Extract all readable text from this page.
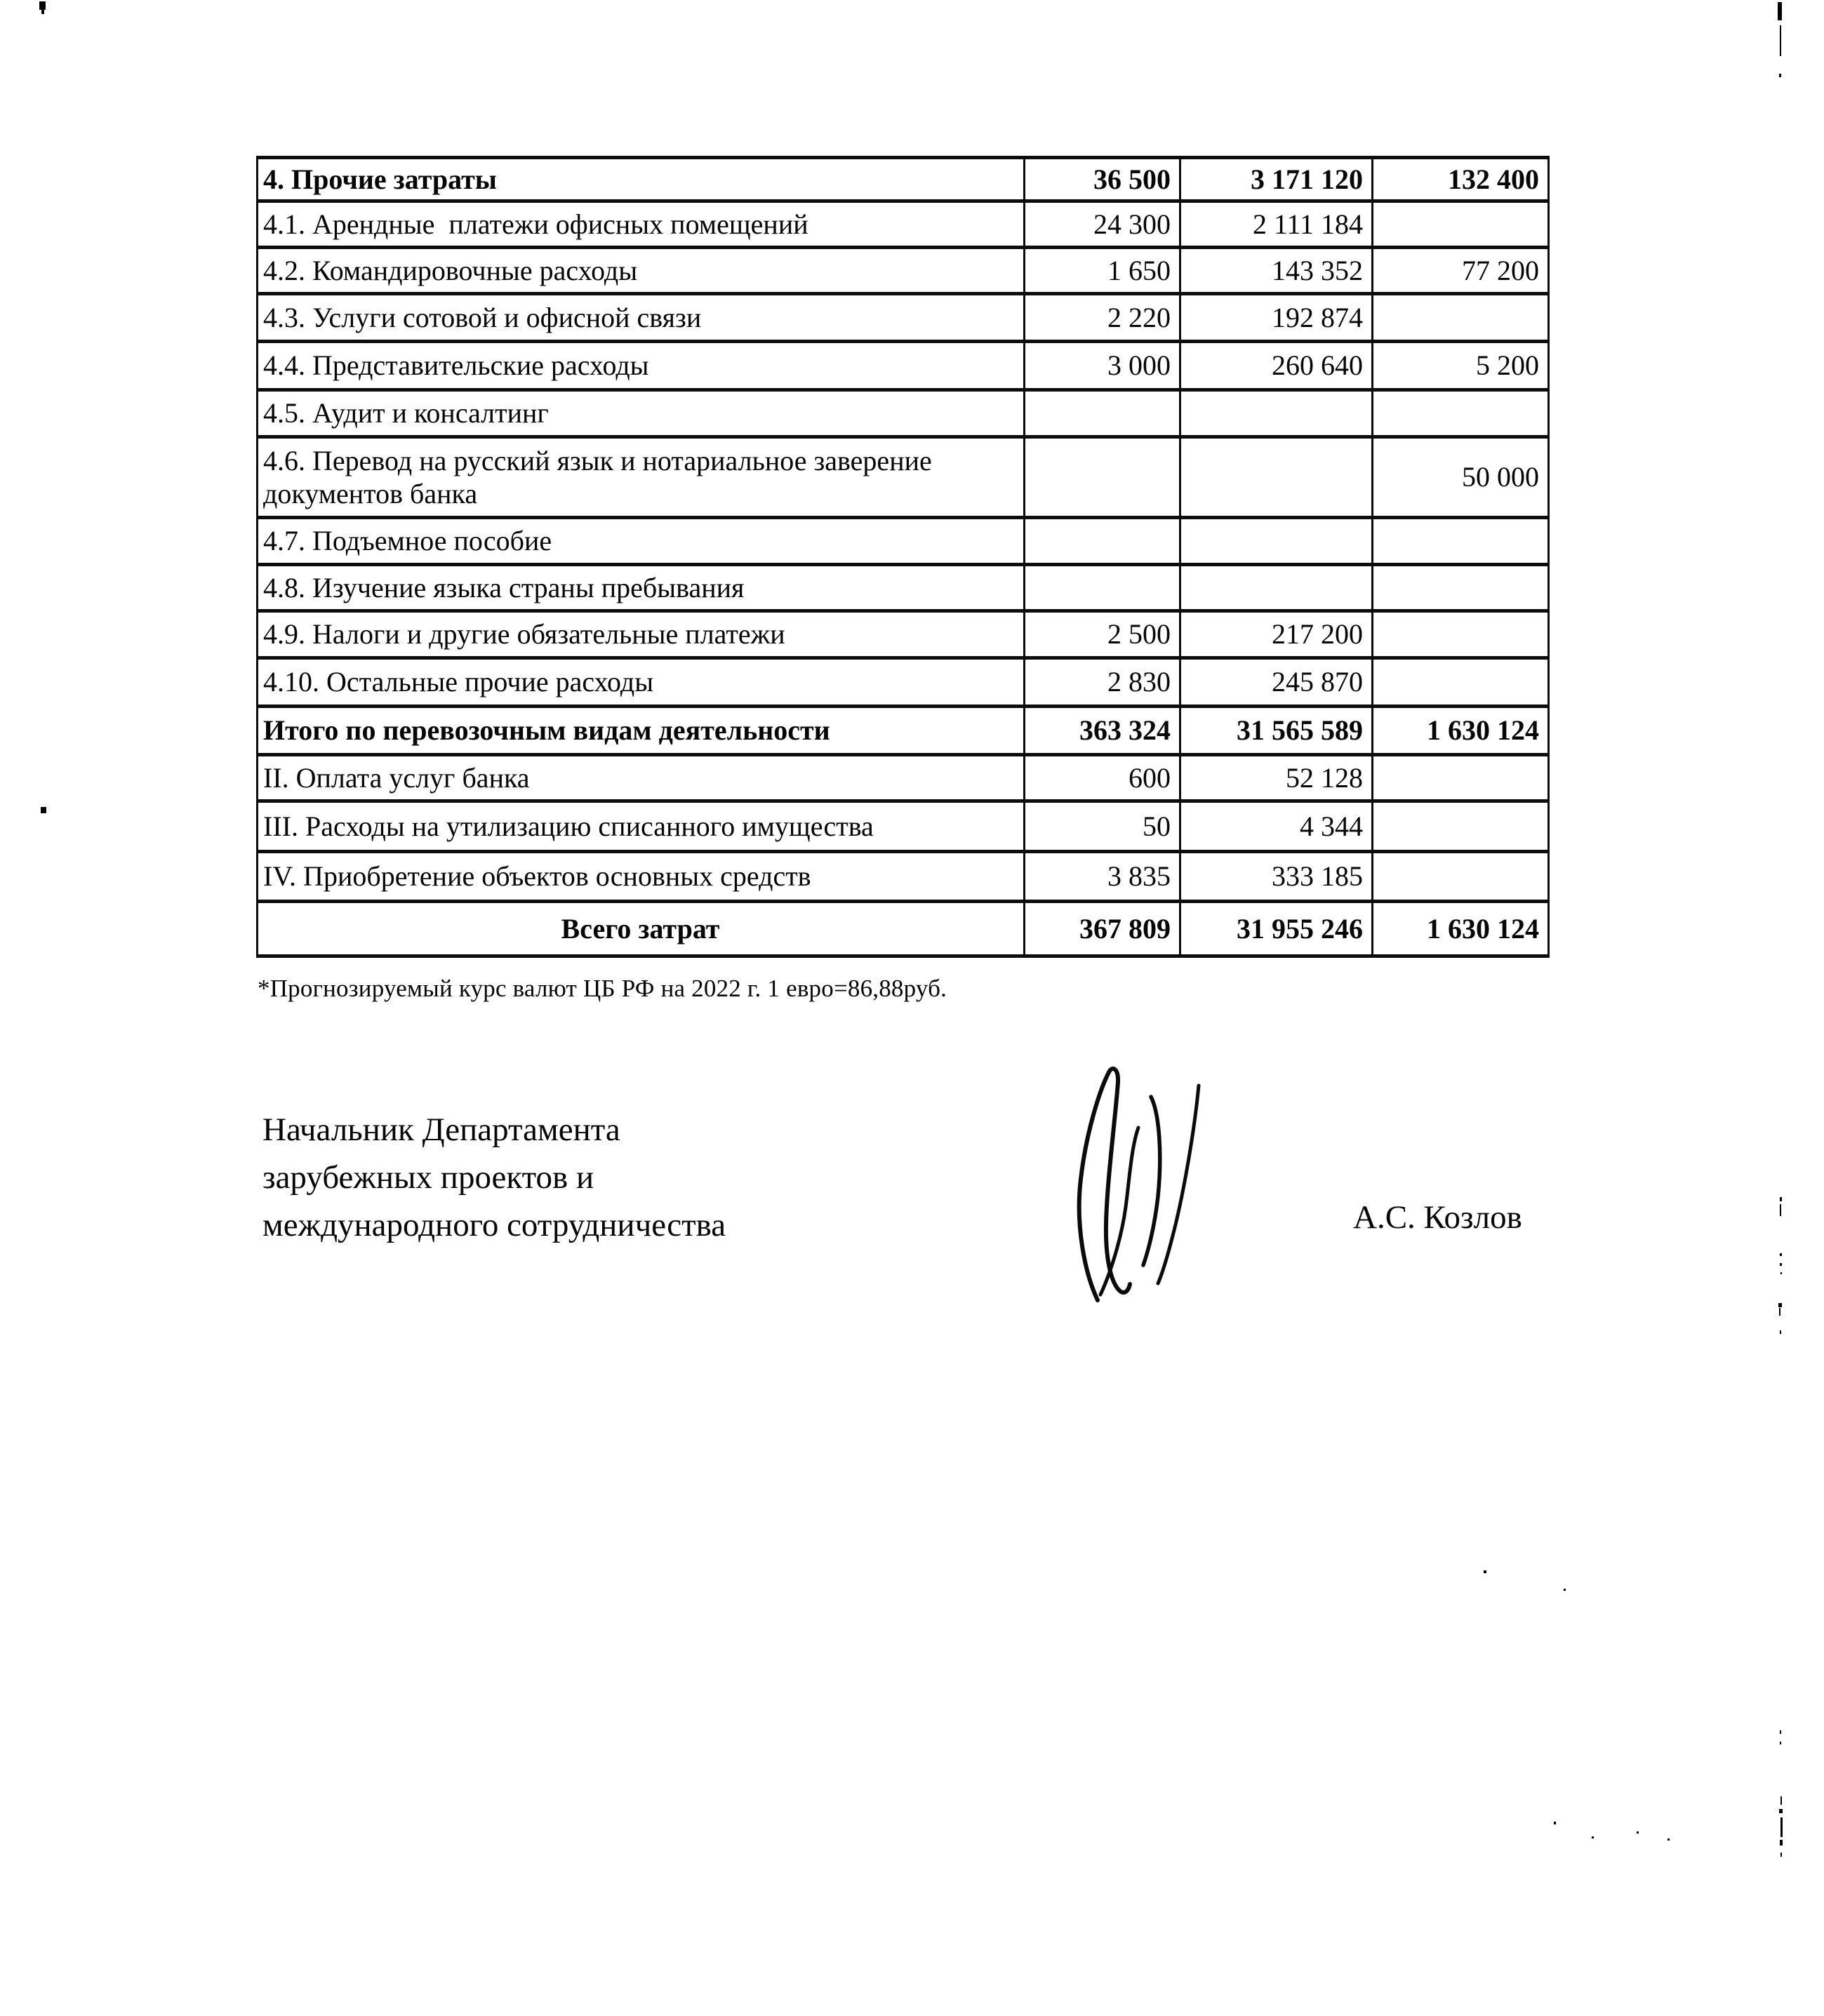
4. Прочие затраты	36 500	3 171 120	132 400
4.1. Арендные  платежи офисных помещений	24 300	2 111 184	
4.2. Командировочные расходы	1 650	143 352	77 200
4.3. Услуги сотовой и офисной связи	2 220	192 874	
4.4. Представительские расходы	3 000	260 640	5 200
4.5. Аудит и консалтинг			
4.6. Перевод на русский язык и нотариальное заверение документов банка			50 000
4.7. Подъемное пособие			
4.8. Изучение языка страны пребывания			
4.9. Налоги и другие обязательные платежи	2 500	217 200	
4.10. Остальные прочие расходы	2 830	245 870	
Итого по перевозочным видам деятельности	363 324	31 565 589	1 630 124
II. Оплата услуг банка	600	52 128	
III. Расходы на утилизацию списанного имущества	50	4 344	
IV. Приобретение объектов основных средств	3 835	333 185	
Всего затрат	367 809	31 955 246	1 630 124
*Прогнозируемый курс валют ЦБ РФ на 2022 г. 1 евро=86,88руб.
Начальник Департамента
зарубежных проектов и
международного сотрудничества	А.С. Козлов
